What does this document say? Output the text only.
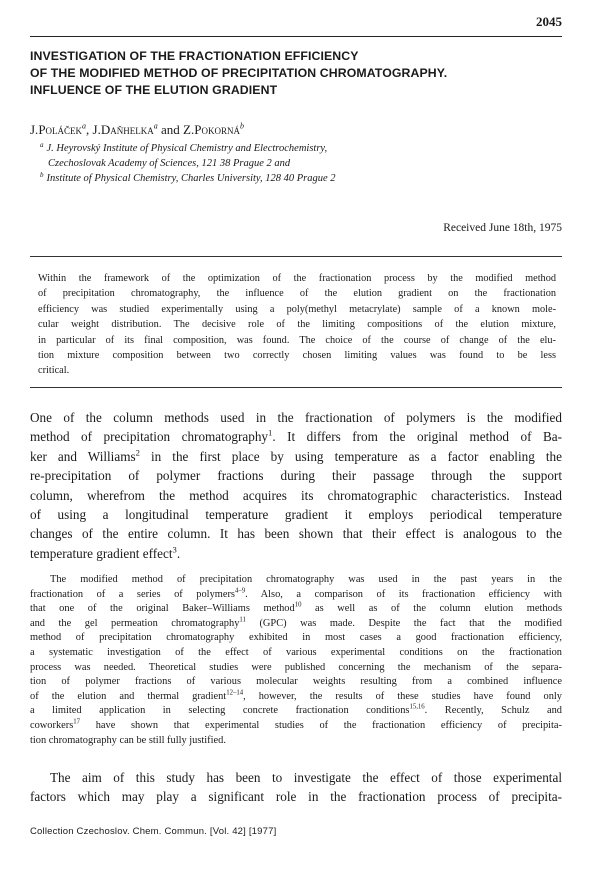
2045
INVESTIGATION OF THE FRACTIONATION EFFICIENCY
OF THE MODIFIED METHOD OF PRECIPITATION CHROMATOGRAPHY.
INFLUENCE OF THE ELUTION GRADIENT
J.Poláček$^a$, J.Daňhelka$^a$ and Z.Pokorná$^b$
$^a$ J. Heyrovský Institute of Physical Chemistry and Electrochemistry,
Czechoslovak Academy of Sciences, 121 38 Prague 2 and
$^b$ Institute of Physical Chemistry, Charles University, 128 40 Prague 2
Received June 18th, 1975
Within the framework of the optimization of the fractionation process by the modified method
of precipitation chromatography, the influence of the elution gradient on the fractionation
efficiency was studied experimentally using a poly(methyl metacrylate) sample of a known mole-
cular weight distribution. The decisive role of the limiting compositions of the elution mixture,
in particular of its final composition, was found. The choice of the course of change of the elu-
tion mixture composition between two correctly chosen limiting values was found to be less
critical.
One of the column methods used in the fractionation of polymers is the modified
method of precipitation chromatography$^1$. It differs from the original method of Ba-
ker and Williams$^2$ in the first place by using temperature as a factor enabling the
re-precipitation of polymer fractions during their passage through the support
column, wherefrom the method acquires its chromatographic characteristics. Instead
of using a longitudinal temperature gradient it employs periodical temperature
changes of the entire column. It has been shown that their effect is analogous to the
temperature gradient effect$^3$.
The modified method of precipitation chromatography was used in the past years in the
fractionation of a series of polymers$^{4-9}$. Also, a comparison of its fractionation efficiency with
that one of the original Baker–Williams method$^{10}$ as well as of the column elution methods
and the gel permeation chromatography$^{11}$ (GPC) was made. Despite the fact that the modified
method of precipitation chromatography exhibited in most cases a good fractionation efficiency,
a systematic investigation of the effect of various experimental conditions on the fractionation
process was needed. Theoretical studies were published concerning the mechanism of the separa-
tion of polymer fractions of various molecular weights resulting from a combined influence
of the elution and thermal gradient$^{12-14}$, however, the results of these studies have found only
a limited application in selecting concrete fractionation conditions$^{15,16}$. Recently, Schulz and
coworkers$^{17}$ have shown that experimental studies of the fractionation efficiency of precipita-
tion chromatography can be still fully justified.
The aim of this study has been to investigate the effect of those experimental
factors which may play a significant role in the fractionation process of precipita-
Collection Czechoslov. Chem. Commun. [Vol. 42] [1977]
